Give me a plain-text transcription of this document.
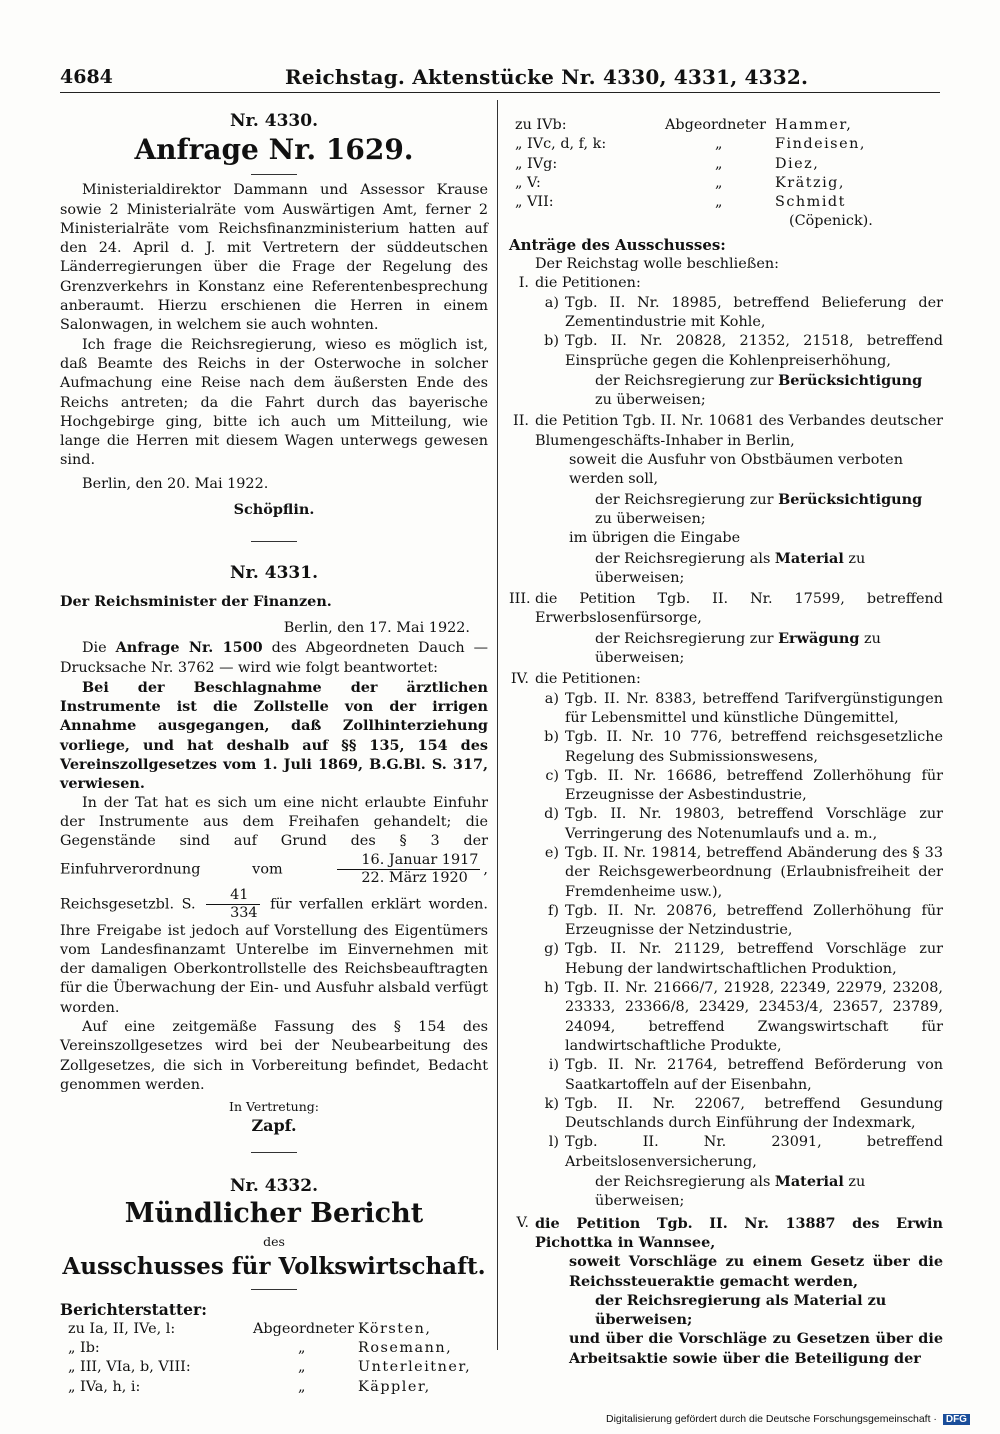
4684	Reichstag. Aktenstücke Nr. 4330, 4331, 4332.
Nr. 4330.
Anfrage Nr. 1629.
Ministerialdirektor Dammann und Assessor Krause sowie 2 Ministerialräte vom Auswärtigen Amt, ferner 2 Ministerialräte vom Reichsfinanzministerium hatten auf den 24. April d. J. mit Vertretern der süddeutschen Länderregierungen über die Frage der Regelung des Grenzverkehrs in Konstanz eine Referentenbesprechung anberaumt. Hierzu erschienen die Herren in einem Salonwagen, in welchem sie auch wohnten.
Ich frage die Reichsregierung, wieso es möglich ist, daß Beamte des Reichs in der Osterwoche in solcher Aufmachung eine Reise nach dem äußersten Ende des Reichs antreten; da die Fahrt durch das bayerische Hochgebirge ging, bitte ich auch um Mitteilung, wie lange die Herren mit diesem Wagen unterwegs gewesen sind.
Berlin, den 20. Mai 1922.
Schöpflin.
Nr. 4331.
Der Reichsminister der Finanzen.
Berlin, den 17. Mai 1922.
Die Anfrage Nr. 1500 des Abgeordneten Dauch — Drucksache Nr. 3762 — wird wie folgt beantwortet:
Bei der Beschlagnahme der ärztlichen Instrumente ist die Zollstelle von der irrigen Annahme ausgegangen, daß Zollhinterziehung vorliege, und hat deshalb auf §§ 135, 154 des Vereinszollgesetzes vom 1. Juli 1869, B.G.Bl. S. 317, verwiesen.
In der Tat hat es sich um eine nicht erlaubte Einfuhr der Instrumente aus dem Freihafen gehandelt; die Gegenstände sind auf Grund des § 3 der Einfuhrverordnung vom	$\frac{\text{16. Januar 1917}}{\text{22. März 1920}}$ , Reichsgesetzbl. S. $\frac{41}{334}$ für verfallen erklärt worden. Ihre Freigabe ist jedoch auf Vorstellung des Eigentümers vom Landesfinanzamt Unterelbe im Einvernehmen mit der damaligen Oberkontrollstelle des Reichsbeauftragten für die Überwachung der Ein- und Ausfuhr alsbald verfügt worden.
Auf eine zeitgemäße Fassung des § 154 des Vereinszollgesetzes wird bei der Neubearbeitung des Zollgesetzes, die sich in Vorbereitung befindet, Bedacht genommen werden.
In Vertretung:
Zapf.
Nr. 4332.
Mündlicher Bericht
des
Ausschusses für Volkswirtschaft.
Berichterstatter:
zu Ia, II, IVe, l:	Abgeordneter	Körsten,
„ Ib:	„	Rosemann,
„ III, VIa, b, VIII:	„	Unterleitner,
„ IVa, h, i:	„	Käppler,
zu IVb:	Abgeordneter	Hammer,
„ IVc, d, f, k:	„	Findeisen,
„ IVg:	„	Diez,
„ V:	„	Krätzig,
„ VII:	„	Schmidt
		(Cöpenick).
Anträge des Ausschusses:
Der Reichstag wolle beschließen:
I. die Petitionen:
a) Tgb. II. Nr. 18985, betreffend Belieferung der Zementindustrie mit Kohle,
b) Tgb. II. Nr. 20828, 21352, 21518, betreffend Einsprüche gegen die Kohlenpreiserhöhung,
der Reichsregierung zur Berücksichtigung zu überweisen;
II. die Petition Tgb. II. Nr. 10681 des Verbandes deutscher Blumengeschäfts-Inhaber in Berlin,
soweit die Ausfuhr von Obstbäumen verboten werden soll,
der Reichsregierung zur Berücksichtigung zu überweisen;
im übrigen die Eingabe
der Reichsregierung als Material zu überweisen;
III. die Petition Tgb. II. Nr. 17599, betreffend Erwerbslosenfürsorge,
der Reichsregierung zur Erwägung zu überweisen;
IV. die Petitionen:
a) Tgb. II. Nr. 8383, betreffend Tarifvergünstigungen für Lebensmittel und künstliche Düngemittel,
b) Tgb. II. Nr. 10 776, betreffend reichsgesetzliche Regelung des Submissionswesens,
c) Tgb. II. Nr. 16686, betreffend Zollerhöhung für Erzeugnisse der Asbestindustrie,
d) Tgb. II. Nr. 19803, betreffend Vorschläge zur Verringerung des Notenumlaufs und a. m.,
e) Tgb. II. Nr. 19814, betreffend Abänderung des § 33 der Reichsgewerbeordnung (Erlaubnisfreiheit der Fremdenheime usw.),
f) Tgb. II. Nr. 20876, betreffend Zollerhöhung für Erzeugnisse der Netzindustrie,
g) Tgb. II. Nr. 21129, betreffend Vorschläge zur Hebung der landwirtschaftlichen Produktion,
h) Tgb. II. Nr. 21666/7, 21928, 22349, 22979, 23208, 23333, 23366/8, 23429, 23453/4, 23657, 23789, 24094, betreffend Zwangswirtschaft für landwirtschaftliche Produkte,
i) Tgb. II. Nr. 21764, betreffend Beförderung von Saatkartoffeln auf der Eisenbahn,
k) Tgb. II. Nr. 22067, betreffend Gesundung Deutschlands durch Einführung der Indexmark,
l) Tgb. II. Nr. 23091, betreffend Arbeitslosenversicherung,
der Reichsregierung als Material zu überweisen;
V. die Petition Tgb. II. Nr. 13887 des Erwin Pichottka in Wannsee,
soweit Vorschläge zu einem Gesetz über die Reichssteueraktie gemacht werden,
der Reichsregierung als Material zu überweisen;
und über die Vorschläge zu Gesetzen über die Arbeitsaktie sowie über die Beteiligung der
Digitalisierung gefördert durch die Deutsche Forschungsgemeinschaft · DFG
